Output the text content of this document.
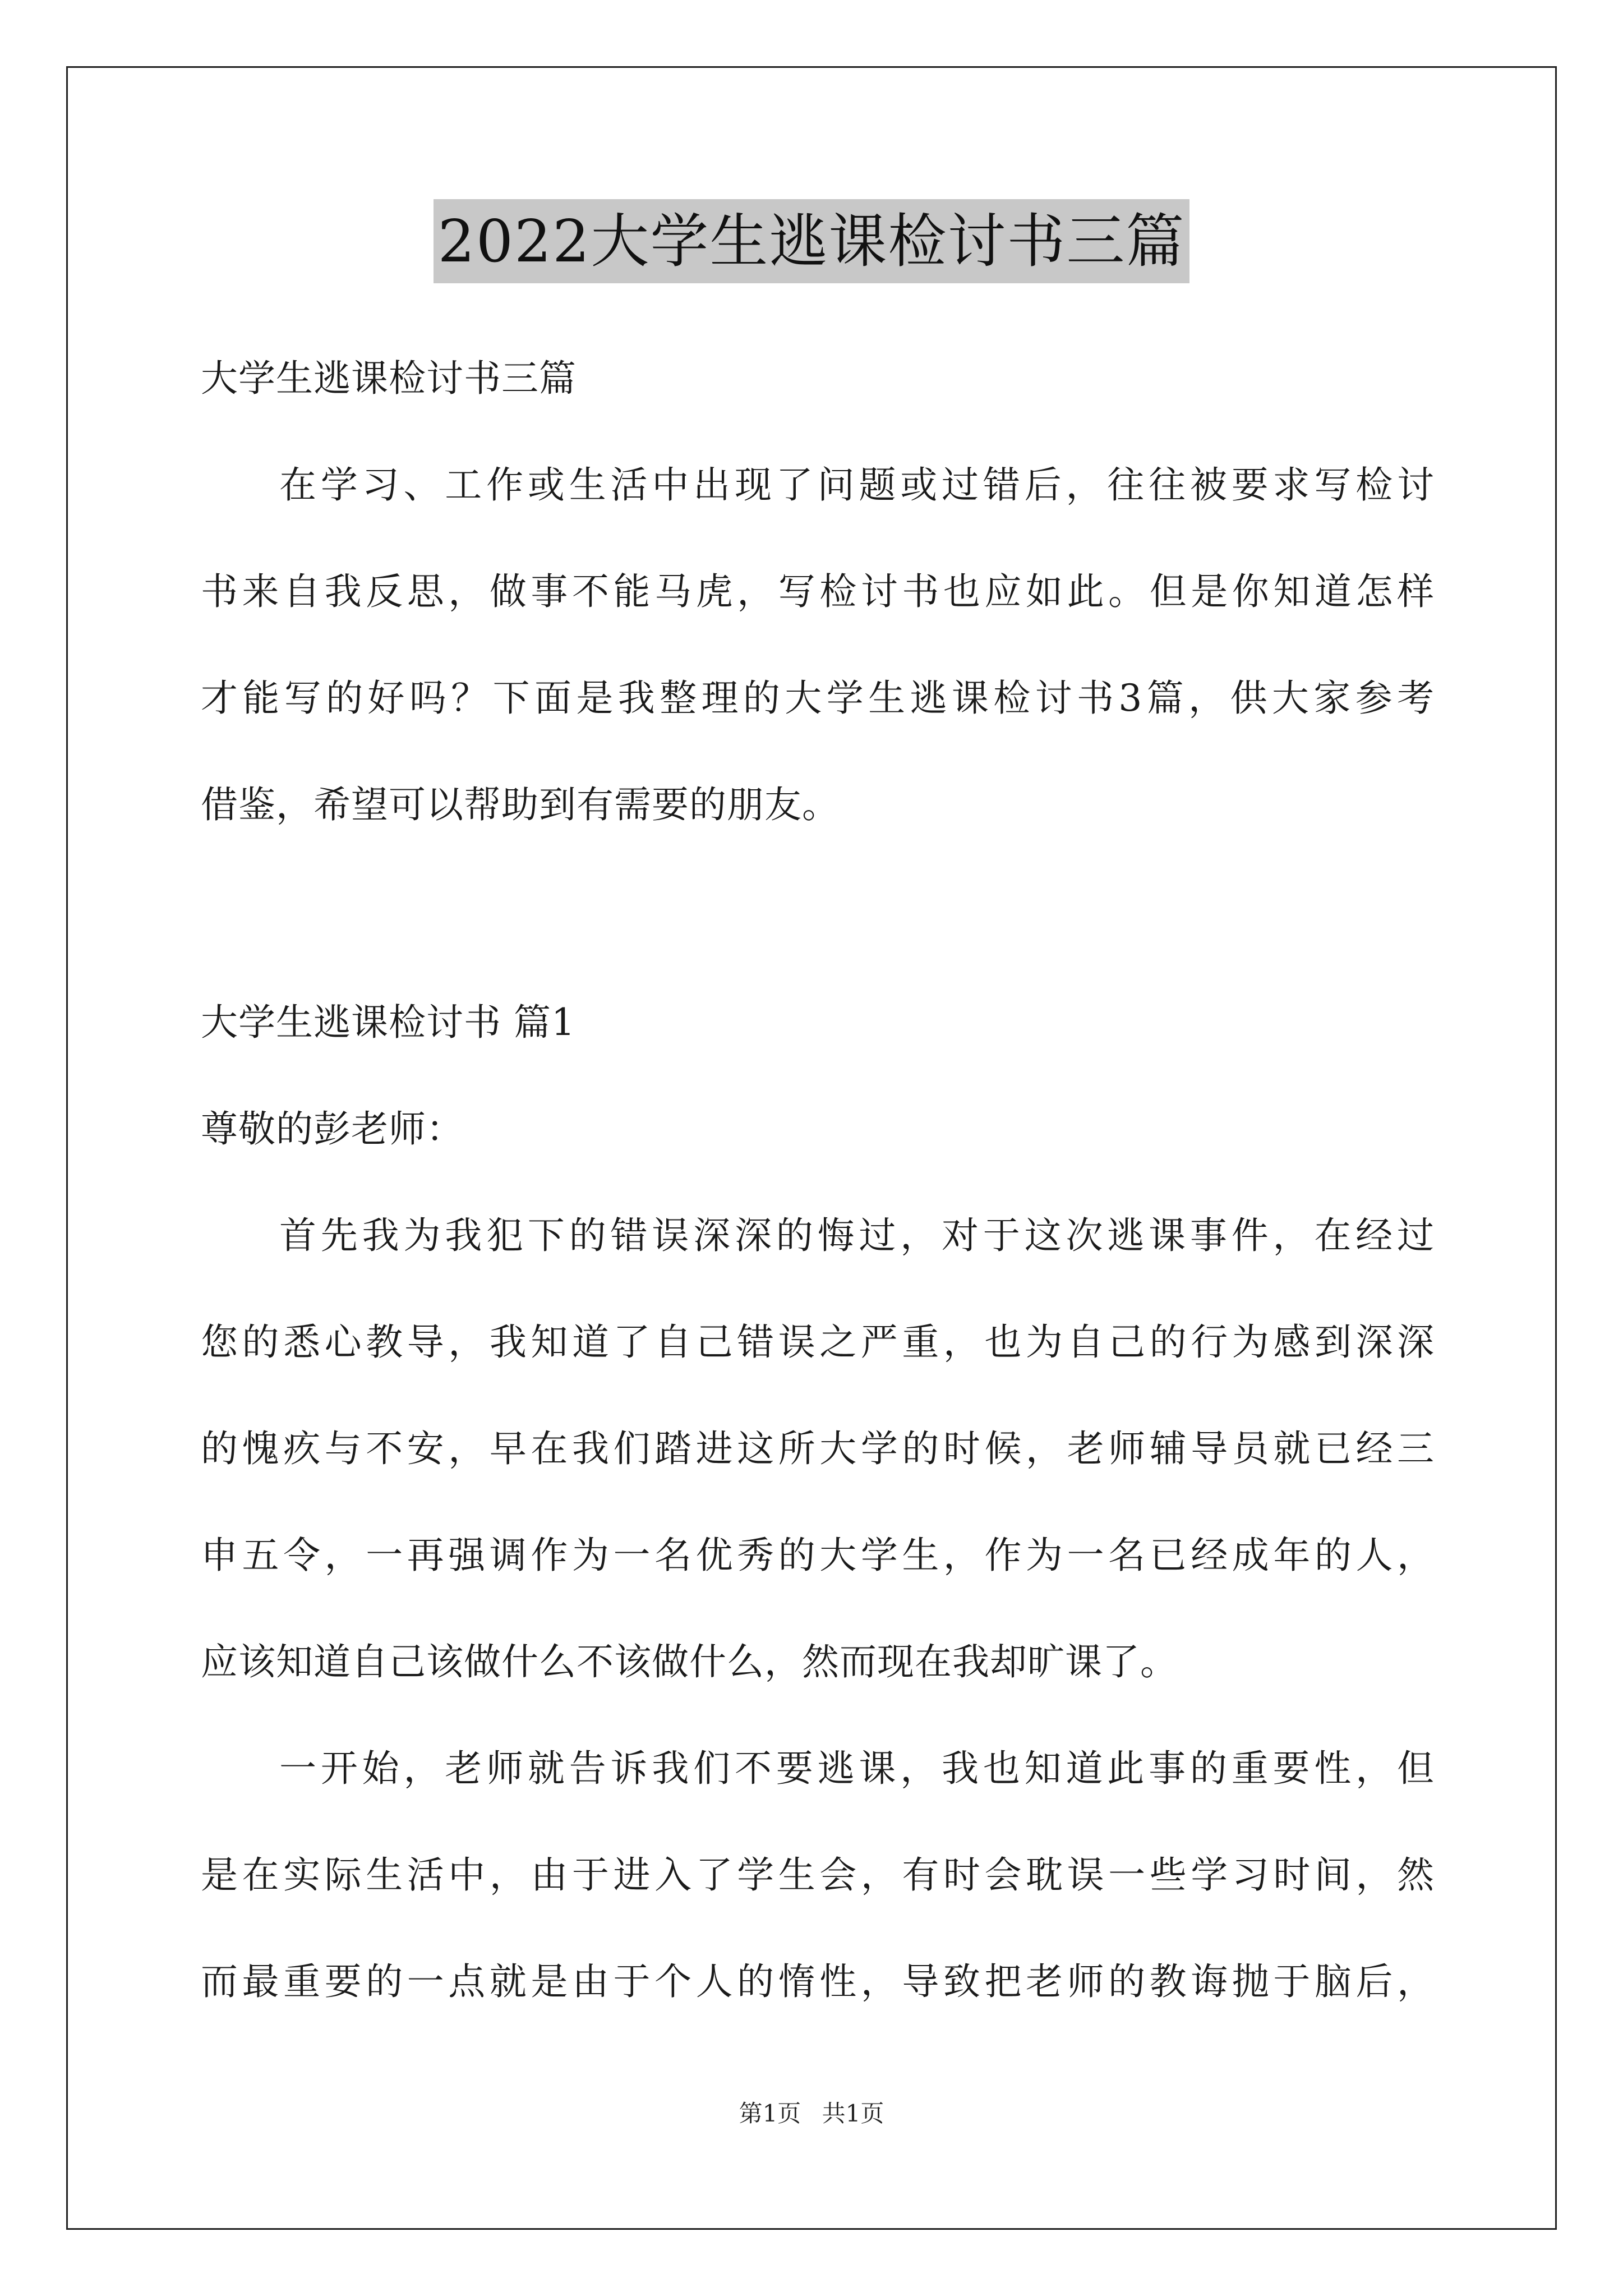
2022大学生逃课检讨书三篇
大学生逃课检讨书三篇
在学习、工作或生活中出现了问题或过错后，往往被要求写检讨
书来自我反思，做事不能马虎，写检讨书也应如此。但是你知道怎样
才能写的好吗？下面是我整理的大学生逃课检讨书3篇，供大家参考
借鉴，希望可以帮助到有需要的朋友。
大学生逃课检讨书 篇1
尊敬的彭老师：
首先我为我犯下的错误深深的悔过，对于这次逃课事件，在经过
您的悉心教导，我知道了自己错误之严重，也为自己的行为感到深深
的愧疚与不安，早在我们踏进这所大学的时候，老师辅导员就已经三
申五令，一再强调作为一名优秀的大学生，作为一名已经成年的人，
应该知道自己该做什么不该做什么，然而现在我却旷课了。
一开始，老师就告诉我们不要逃课，我也知道此事的重要性，但
是在实际生活中，由于进入了学生会，有时会耽误一些学习时间，然
而最重要的一点就是由于个人的惰性，导致把老师的教诲抛于脑后，
第1页 共1页
